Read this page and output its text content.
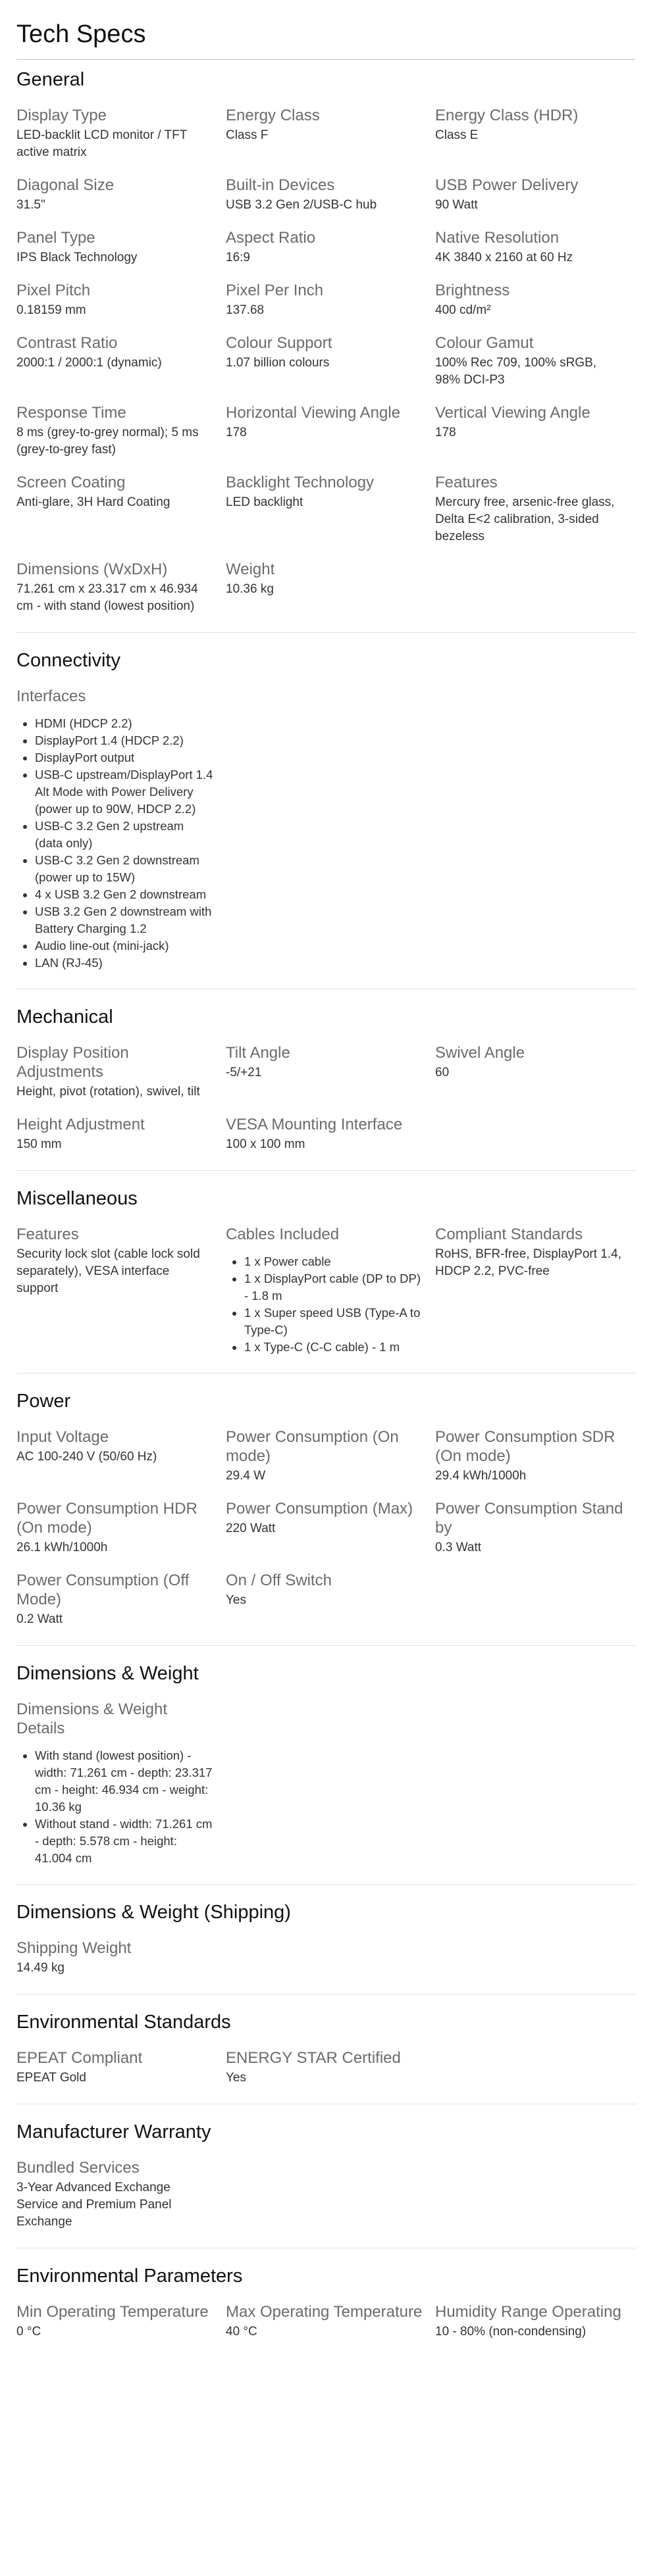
Tech Specs
General
Display Type
LED-backlit LCD monitor / TFT active matrix
Energy Class
Class F
Energy Class (HDR)
Class E
Diagonal Size
31.5"
Built-in Devices
USB 3.2 Gen 2/USB-C hub
USB Power Delivery
90 Watt
Panel Type
IPS Black Technology
Aspect Ratio
16:9
Native Resolution
4K 3840 x 2160 at 60 Hz
Pixel Pitch
0.18159 mm
Pixel Per Inch
137.68
Brightness
400 cd/m²
Contrast Ratio
2000:1 / 2000:1 (dynamic)
Colour Support
1.07 billion colours
Colour Gamut
100% Rec 709, 100% sRGB, 98% DCI-P3
Response Time
8 ms (grey-to-grey normal); 5 ms (grey-to-grey fast)
Horizontal Viewing Angle
178
Vertical Viewing Angle
178
Screen Coating
Anti-glare, 3H Hard Coating
Backlight Technology
LED backlight
Features
Mercury free, arsenic-free glass, Delta E<2 calibration, 3-sided bezeless
Dimensions (WxDxH)
71.261 cm x 23.317 cm x 46.934 cm - with stand (lowest position)
Weight
10.36 kg
Connectivity
Interfaces
• HDMI (HDCP 2.2)
• DisplayPort 1.4 (HDCP 2.2)
• DisplayPort output
• USB-C upstream/DisplayPort 1.4 Alt Mode with Power Delivery (power up to 90W, HDCP 2.2)
• USB-C 3.2 Gen 2 upstream (data only)
• USB-C 3.2 Gen 2 downstream (power up to 15W)
• 4 x USB 3.2 Gen 2 downstream
• USB 3.2 Gen 2 downstream with Battery Charging 1.2
• Audio line-out (mini-jack)
• LAN (RJ-45)
Mechanical
Display Position Adjustments
Height, pivot (rotation), swivel, tilt
Tilt Angle
-5/+21
Swivel Angle
60
Height Adjustment
150 mm
VESA Mounting Interface
100 x 100 mm
Miscellaneous
Features
Security lock slot (cable lock sold separately), VESA interface support
Cables Included
• 1 x Power cable
• 1 x DisplayPort cable (DP to DP) - 1.8 m
• 1 x Super speed USB (Type-A to Type-C)
• 1 x Type-C (C-C cable) - 1 m
Compliant Standards
RoHS, BFR-free, DisplayPort 1.4, HDCP 2.2, PVC-free
Power
Input Voltage
AC 100-240 V (50/60 Hz)
Power Consumption (On mode)
29.4 W
Power Consumption SDR (On mode)
29.4 kWh/1000h
Power Consumption HDR (On mode)
26.1 kWh/1000h
Power Consumption (Max)
220 Watt
Power Consumption Stand by
0.3 Watt
Power Consumption (Off Mode)
0.2 Watt
On / Off Switch
Yes
Dimensions & Weight
Dimensions & Weight Details
• With stand (lowest position) - width: 71.261 cm - depth: 23.317 cm - height: 46.934 cm - weight: 10.36 kg
• Without stand - width: 71.261 cm - depth: 5.578 cm - height: 41.004 cm
Dimensions & Weight (Shipping)
Shipping Weight
14.49 kg
Environmental Standards
EPEAT Compliant
EPEAT Gold
ENERGY STAR Certified
Yes
Manufacturer Warranty
Bundled Services
3-Year Advanced Exchange Service and Premium Panel Exchange
Environmental Parameters
Min Operating Temperature
0 °C
Max Operating Temperature
40 °C
Humidity Range Operating
10 - 80% (non-condensing)
